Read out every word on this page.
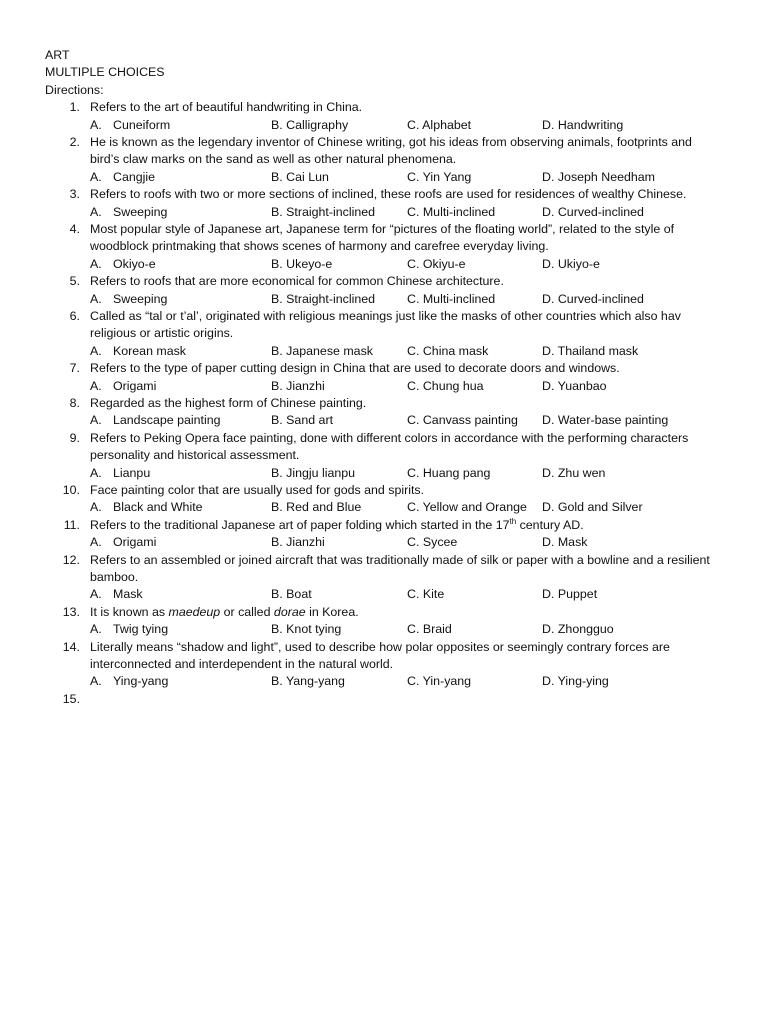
ART
MULTIPLE CHOICES
Directions:
1. Refers to the art of beautiful handwriting in China.
A. Cuneiform	B. Calligraphy	C. Alphabet	D. Handwriting
2. He is known as the legendary inventor of Chinese writing, got his ideas from observing animals, footprints and bird’s claw marks on the sand as well as other natural phenomena.
A. Cangjie	B. Cai Lun	C. Yin Yang	D. Joseph Needham
3. Refers to roofs with two or more sections of inclined, these roofs are used for residences of wealthy Chinese.
A. Sweeping	B. Straight-inclined	C. Multi-inclined	D. Curved-inclined
4. Most popular style of Japanese art, Japanese term for “pictures of the floating world”, related to the style of woodblock printmaking that shows scenes of harmony and carefree everyday living.
A. Okiyo-e	B. Ukeyo-e	C. Okiyu-e	D. Ukiyo-e
5. Refers to roofs that are more economical for common Chinese architecture.
A. Sweeping	B. Straight-inclined	C. Multi-inclined	D. Curved-inclined
6. Called as “tal or t’al’, originated with religious meanings just like the masks of other countries which also hav religious or artistic origins.
A. Korean mask	B. Japanese mask	C. China mask	D. Thailand mask
7. Refers to the type of paper cutting design in China that are used to decorate doors and windows.
A. Origami	B. Jianzhi	C. Chung hua	D. Yuanbao
8. Regarded as the highest form of Chinese painting.
A. Landscape painting	B. Sand art	C. Canvass painting D. Water-base painting
9. Refers to Peking Opera face painting, done with different colors in accordance with the performing characters personality and historical assessment.
A. Lianpu	B. Jingju lianpu	C. Huang pang	D. Zhu wen
10. Face painting color that are usually used for gods and spirits.
A. Black and White	B. Red and Blue	C. Yellow and Orange D. Gold and Silver
11. Refers to the traditional Japanese art of paper folding which started in the 17th century AD.
A. Origami	B. Jianzhi	C. Sycee	D. Mask
12. Refers to an assembled or joined aircraft that was traditionally made of silk or paper with a bowline and a resilient bamboo.
A. Mask	B. Boat	C. Kite	D. Puppet
13. It is known as maedeup or called dorae in Korea.
A. Twig tying	B. Knot tying	C. Braid	D. Zhongguo
14. Literally means “shadow and light”, used to describe how polar opposites or seemingly contrary forces are interconnected and interdependent in the natural world.
A. Ying-yang	B. Yang-yang	C. Yin-yang	D. Ying-ying
15.
